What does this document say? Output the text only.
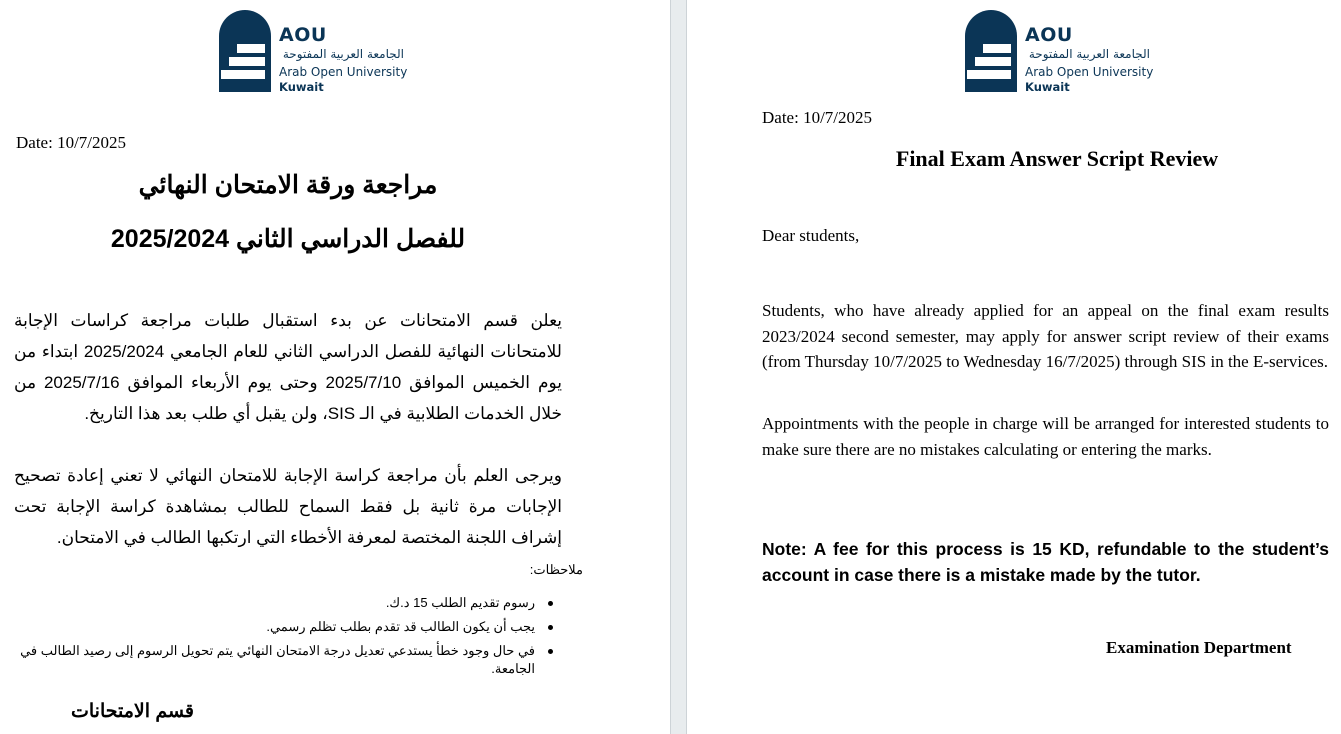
AOU
الجامعة العربية المفتوحة
Arab Open University
Kuwait
Date: 10/7/2025
مراجعة ورقة الامتحان النهائي
للفصل الدراسي الثاني 2025/2024
يعلن قسم الامتحانات عن بدء استقبال طلبات مراجعة كراسات الإجابة للامتحانات النهائية للفصل الدراسي الثاني للعام الجامعي 2025/2024 ابتداء من يوم الخميس الموافق 2025/7/10 وحتى يوم الأربعاء الموافق 2025/7/16 من خلال الخدمات الطلابية في الـ SIS، ولن يقبل أي طلب بعد هذا التاريخ.
ويرجى العلم بأن مراجعة كراسة الإجابة للامتحان النهائي لا تعني إعادة تصحيح الإجابات مرة ثانية بل فقط السماح للطالب بمشاهدة كراسة الإجابة تحت إشراف اللجنة المختصة لمعرفة الأخطاء التي ارتكبها الطالب في الامتحان.
ملاحظات:
رسوم تقديم الطلب 15 د.ك.
يجب أن يكون الطالب قد تقدم بطلب تظلم رسمي.
في حال وجود خطأ يستدعي تعديل درجة الامتحان النهائي يتم تحويل الرسوم إلى رصيد الطالب في الجامعة.
قسم الامتحانات
AOU
الجامعة العربية المفتوحة
Arab Open University
Kuwait
Date: 10/7/2025
Final Exam Answer Script Review
Dear students,
Students, who have already applied for an appeal on the final exam results 2023/2024 second semester, may apply for answer script review of their exams (from Thursday 10/7/2025 to Wednesday 16/7/2025) through SIS in the E-services.
Appointments with the people in charge will be arranged for interested students to make sure there are no mistakes calculating or entering the marks.
Note: A fee for this process is 15 KD, refundable to the student’s account in case there is a mistake made by the tutor.
Examination Department
